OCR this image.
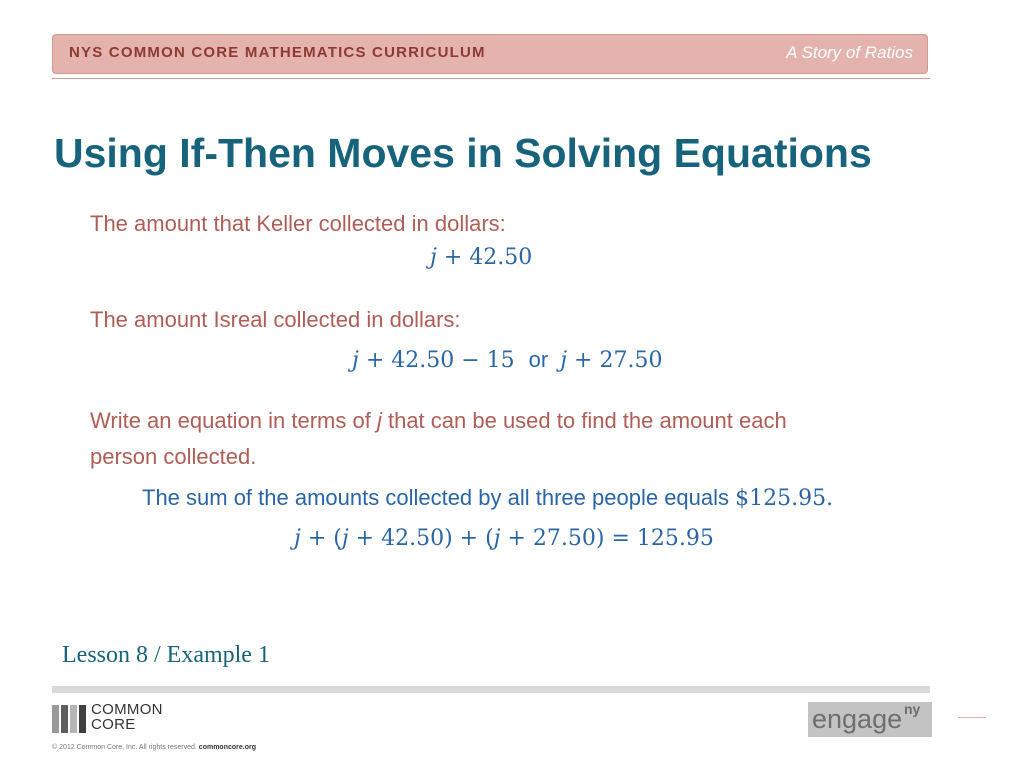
NYS COMMON CORE MATHEMATICS CURRICULUM	A Story of Ratios
Using If-Then Moves in Solving Equations
The amount that Keller collected in dollars:
j + 42.50
The amount Isreal collected in dollars:
j + 42.50 − 15 or j + 27.50
Write an equation in terms of j that can be used to find the amount each
person collected.
The sum of the amounts collected by all three people equals $125.95.
j + (j + 42.50) + (j + 27.50) = 125.95
Lesson 8 / Example 1
COMMON
CORE
© 2012 Common Core, Inc. All rights reserved. commoncore.org
engage ny
